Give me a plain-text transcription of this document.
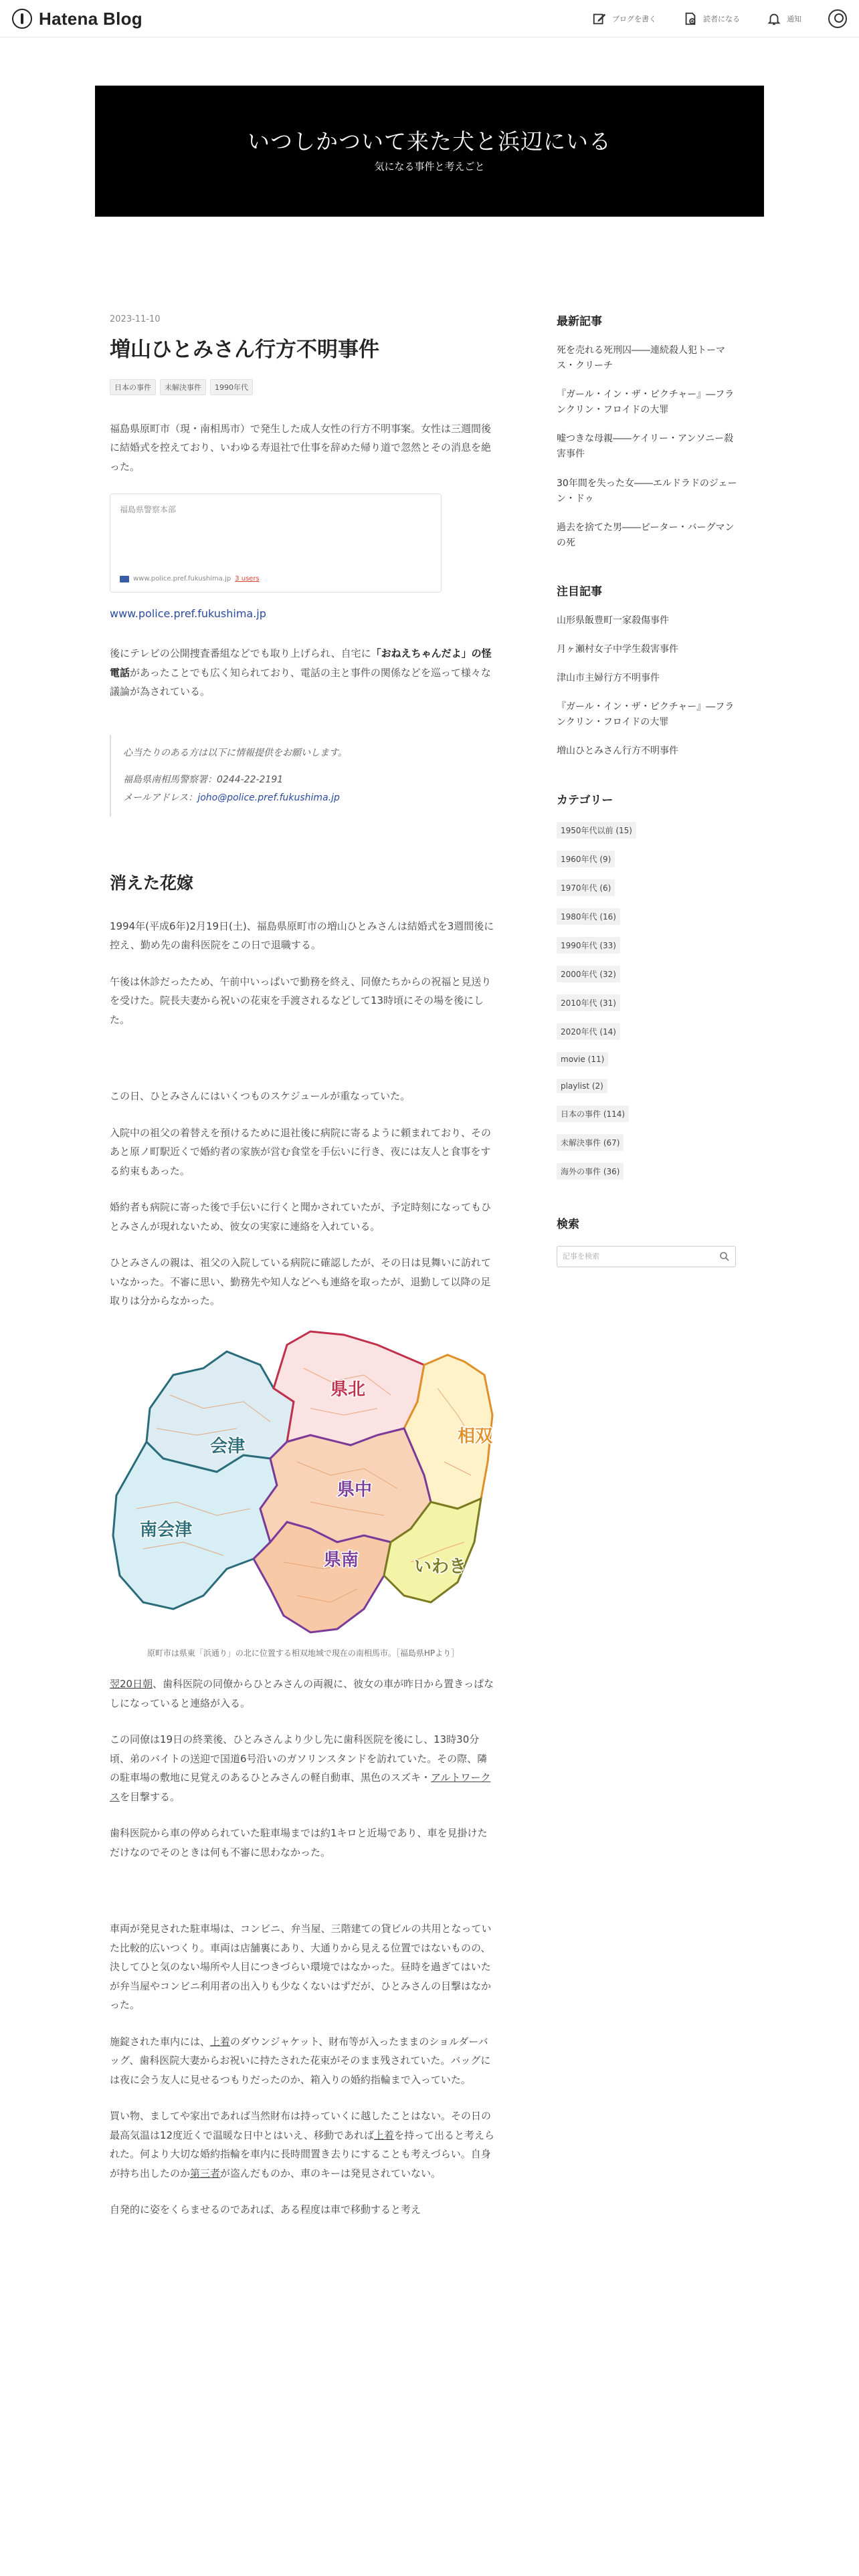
Hatena Blog	ブログを書く	読者になる	通知
いつしかついて来た犬と浜辺にいる
気になる事件と考えごと
2023-11-10
増山ひとみさん行方不明事件
日本の事件	未解決事件	1990年代

福島県原町市（現・南相馬市）で発生した成人女性の行方不明事案。女性は三週間後に結婚式を控えており、いわゆる寿退社で仕事を辞めた帰り道で忽然とその消息を絶った。

福島県警察本部
www.police.pref.fukushima.jp 3 users
www.police.pref.fukushima.jp

後にテレビの公開捜査番組などでも取り上げられ、自宅に「おねえちゃんだよ」の怪電話があったことでも広く知られており、電話の主と事件の関係などを巡って様々な議論が為されている。

心当たりのある方は以下に情報提供をお願いします。
福島県南相馬警察署：0244-22-2191
メールアドレス：joho@police.pref.fukushima.jp
消えた花嫁

1994年(平成6年)2月19日(土)、福島県原町市の増山ひとみさんは結婚式を3週間後に控え、勤め先の歯科医院をこの日で退職する。

午後は休診だったため、午前中いっぱいで勤務を終え、同僚たちからの祝福と見送りを受けた。院長夫妻から祝いの花束を手渡されるなどして13時頃にその場を後にした。

この日、ひとみさんにはいくつものスケジュールが重なっていた。

入院中の祖父の着替えを預けるために退社後に病院に寄るように頼まれており、そのあと原ノ町駅近くで婚約者の家族が営む食堂を手伝いに行き、夜には友人と食事をする約束もあった。

婚約者も病院に寄った後で手伝いに行くと聞かされていたが、予定時刻になってもひとみさんが現れないため、彼女の実家に連絡を入れている。

ひとみさんの親は、祖父の入院している病院に確認したが、その日は見舞いに訪れていなかった。不審に思い、勤務先や知人などへも連絡を取ったが、退勤して以降の足取りは分からなかった。

県北
相双
会津
県中
南会津
県南	いわき
原町市は県東「浜通り」の北に位置する相双地域で現在の南相馬市。［福島県HPより］

翌20日朝、歯科医院の同僚からひとみさんの両親に、彼女の車が昨日から置きっぱなしになっていると連絡が入る。

この同僚は19日の終業後、ひとみさんより少し先に歯科医院を後にし、13時30分頃、弟のバイトの送迎で国道6号沿いのガソリンスタンドを訪れていた。その際、隣の駐車場の敷地に見覚えのあるひとみさんの軽自動車、黒色のスズキ・アルトワークスを目撃する。

歯科医院から車の停められていた駐車場までは約1キロと近場であり、車を見掛けただけなのでそのときは何も不審に思わなかった。

車両が発見された駐車場は、コンビニ、弁当屋、三階建ての貸ビルの共用となっていた比較的広いつくり。車両は店舗裏にあり、大通りから見える位置ではないものの、決してひと気のない場所や人目につきづらい環境ではなかった。昼時を過ぎてはいたが弁当屋やコンビニ利用者の出入りも少なくないはずだが、ひとみさんの目撃はなかった。

施錠された車内には、上着のダウンジャケット、財布等が入ったままのショルダーバッグ、歯科医院大妻からお祝いに持たされた花束がそのまま残されていた。バッグには夜に会う友人に見せるつもりだったのか、箱入りの婚約指輪まで入っていた。

買い物、ましてや家出であれば当然財布は持っていくに越したことはない。その日の最高気温は12度近くで温暖な日中とはいえ、移動であれば上着を持って出ると考えられた。何より大切な婚約指輪を車内に長時間置き去りにすることも考えづらい。自身が持ち出したのか第三者が盗んだものか、車のキーは発見されていない。

自発的に姿をくらませるのであれば、ある程度は車で移動すると考え

最新記事
死を売れる死刑囚――連続殺人犯トーマス・クリーチ
『ガール・イン・ザ・ピクチャー』―フランクリン・フロイドの大罪
嘘つきな母親――ケイリー・アンソニー殺害事件
30年間を失った女――エルドラドのジェーン・ドゥ
過去を捨てた男――ピーター・バーグマンの死
注目記事
山形県飯豊町一家殺傷事件
月ヶ瀬村女子中学生殺害事件
津山市主婦行方不明事件
『ガール・イン・ザ・ピクチャー』―フランクリン・フロイドの大罪
増山ひとみさん行方不明事件
カテゴリー
1950年代以前 (15)
1960年代 (9)
1970年代 (6)
1980年代 (16)
1990年代 (33)
2000年代 (32)
2010年代 (31)
2020年代 (14)
movie (11)
playlist (2)
日本の事件 (114)
未解決事件 (67)
海外の事件 (36)
検索
記事を検索
